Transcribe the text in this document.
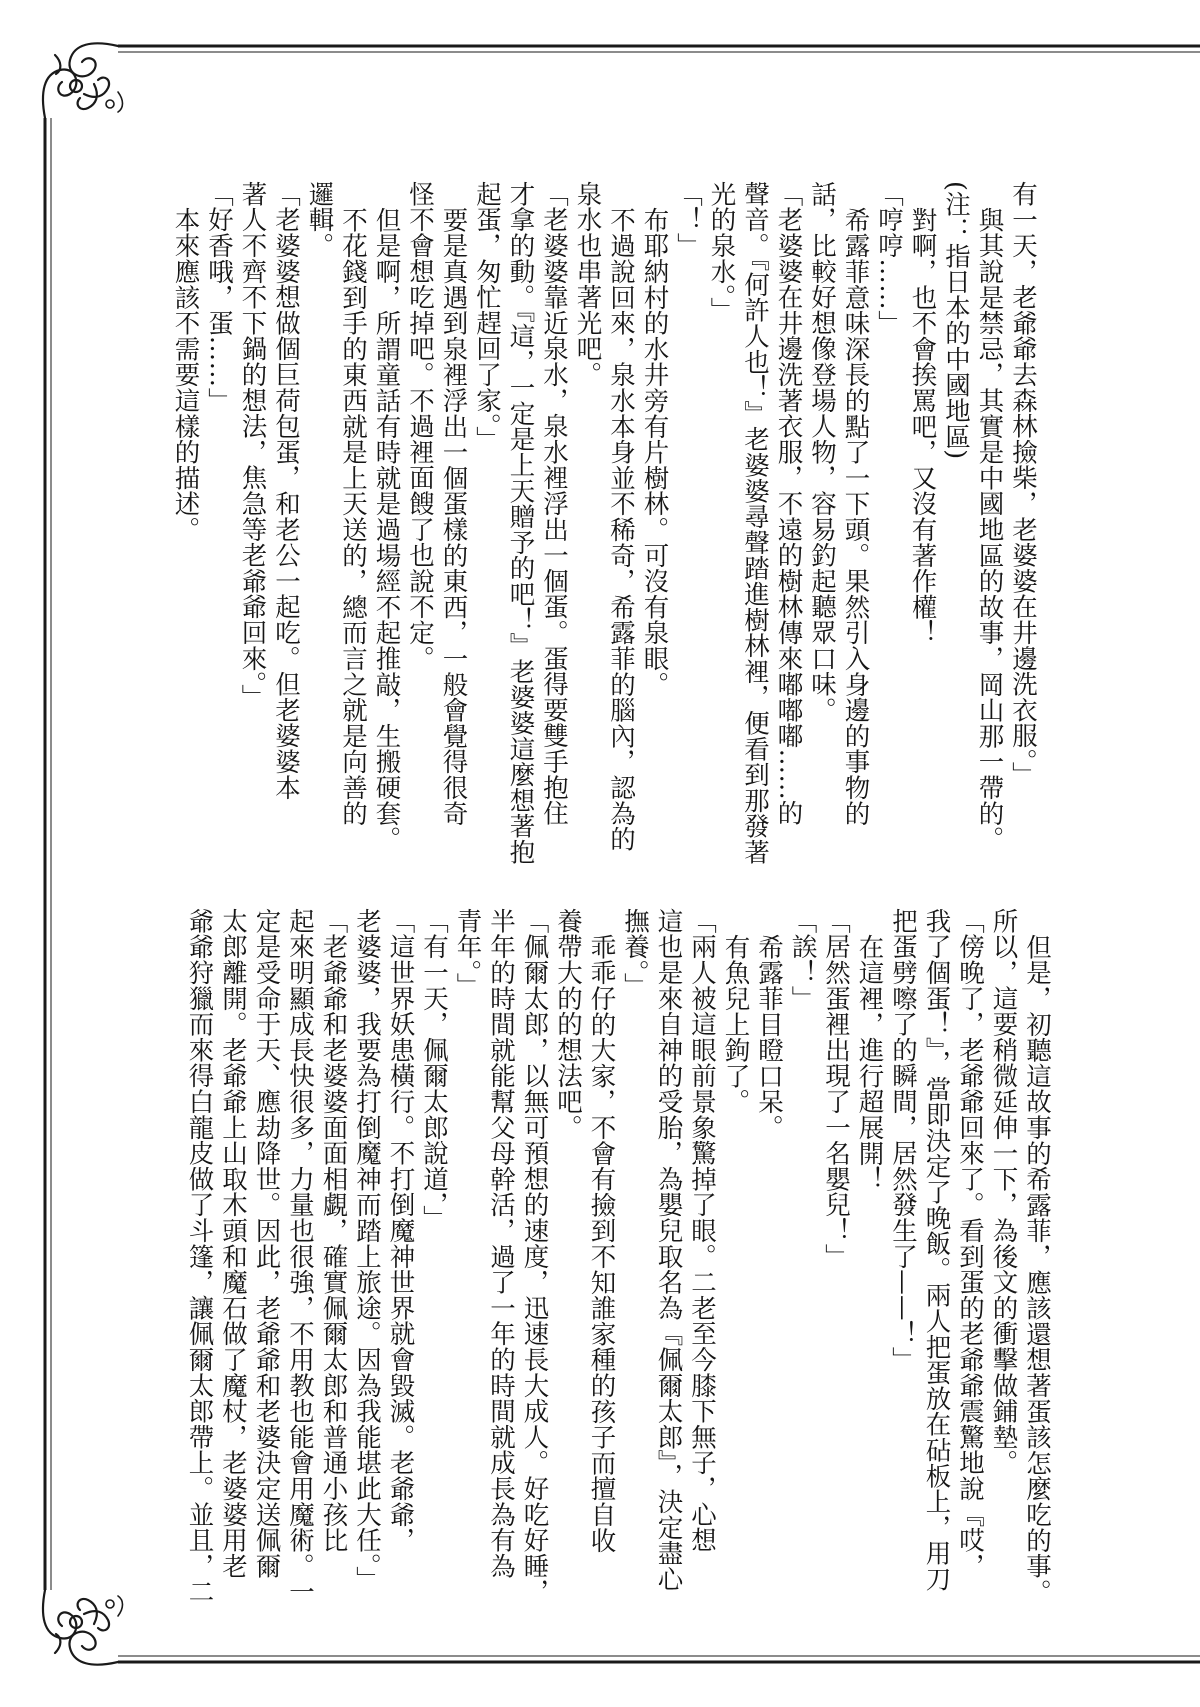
有一天，老爺爺去森林撿柴，老婆婆在井邊洗衣服。」
與其說是禁忌，其實是中國地區的故事，岡山那一帶的。
(注：指日本的中國地區)
對啊，也不會挨罵吧，又沒有著作權！
「哼哼……」
希露菲意味深長的點了一下頭。果然引入身邊的事物的
話，比較好想像登場人物，容易釣起聽眾口味。
「老婆婆在井邊洗著衣服，不遠的樹林傳來嘟嘟嘟……的
聲音。『何許人也！』老婆婆尋聲踏進樹林裡，便看到那發著
光的泉水。」
「！」
布耶納村的水井旁有片樹林。可沒有泉眼。
不過說回來，泉水本身並不稀奇，希露菲的腦內，認為的
泉水也串著光吧。
「老婆婆靠近泉水，泉水裡浮出一個蛋。蛋得要雙手抱住
才拿的動。『這，一定是上天贈予的吧！』老婆婆這麼想著抱
起蛋，匆忙趕回了家。」
要是真遇到泉裡浮出一個蛋樣的東西，一般會覺得很奇
怪不會想吃掉吧。不過裡面餿了也說不定。
但是啊，所謂童話有時就是過場經不起推敲，生搬硬套。
不花錢到手的東西就是上天送的，總而言之就是向善的
邏輯。
「老婆婆想做個巨荷包蛋，和老公一起吃。但老婆婆本
著人不齊不下鍋的想法，焦急等老爺爺回來。」
「好香哦，蛋……」
本來應該不需要這樣的描述。
但是，初聽這故事的希露菲，應該還想著蛋該怎麼吃的事。
所以，這要稍微延伸一下，為後文的衝擊做鋪墊。
「傍晚了，老爺爺回來了。看到蛋的老爺爺震驚地說『哎，
我了個蛋！』，當即決定了晚飯。兩人把蛋放在砧板上，用刀
把蛋劈嚓了的瞬間，居然發生了——！」
在這裡，進行超展開！
「居然蛋裡出現了一名嬰兒！」
「誒！」
希露菲目瞪口呆。
有魚兒上鉤了。
「兩人被這眼前景象驚掉了眼。二老至今膝下無子，心想
這也是來自神的受胎，為嬰兒取名為『佩爾太郎』，決定盡心
撫養。」
乖乖仔的大家，不會有撿到不知誰家種的孩子而擅自收
養帶大的的想法吧。
「佩爾太郎，以無可預想的速度，迅速長大成人。好吃好睡，
半年的時間就能幫父母幹活，過了一年的時間就成長為有為
青年。」
「有一天，佩爾太郎說道，」
「這世界妖患橫行。不打倒魔神世界就會毀滅。老爺爺，
老婆婆，我要為打倒魔神而踏上旅途。因為我能堪此大任。」
「老爺爺和老婆婆面面相覷，確實佩爾太郎和普通小孩比
起來明顯成長快很多，力量也很強，不用教也能會用魔術。一
定是受命于天、應劫降世。因此，老爺爺和老婆決定送佩爾
太郎離開。老爺爺上山取木頭和魔石做了魔杖，老婆婆用老
爺爺狩獵而來得白龍皮做了斗篷，讓佩爾太郎帶上。並且，二
